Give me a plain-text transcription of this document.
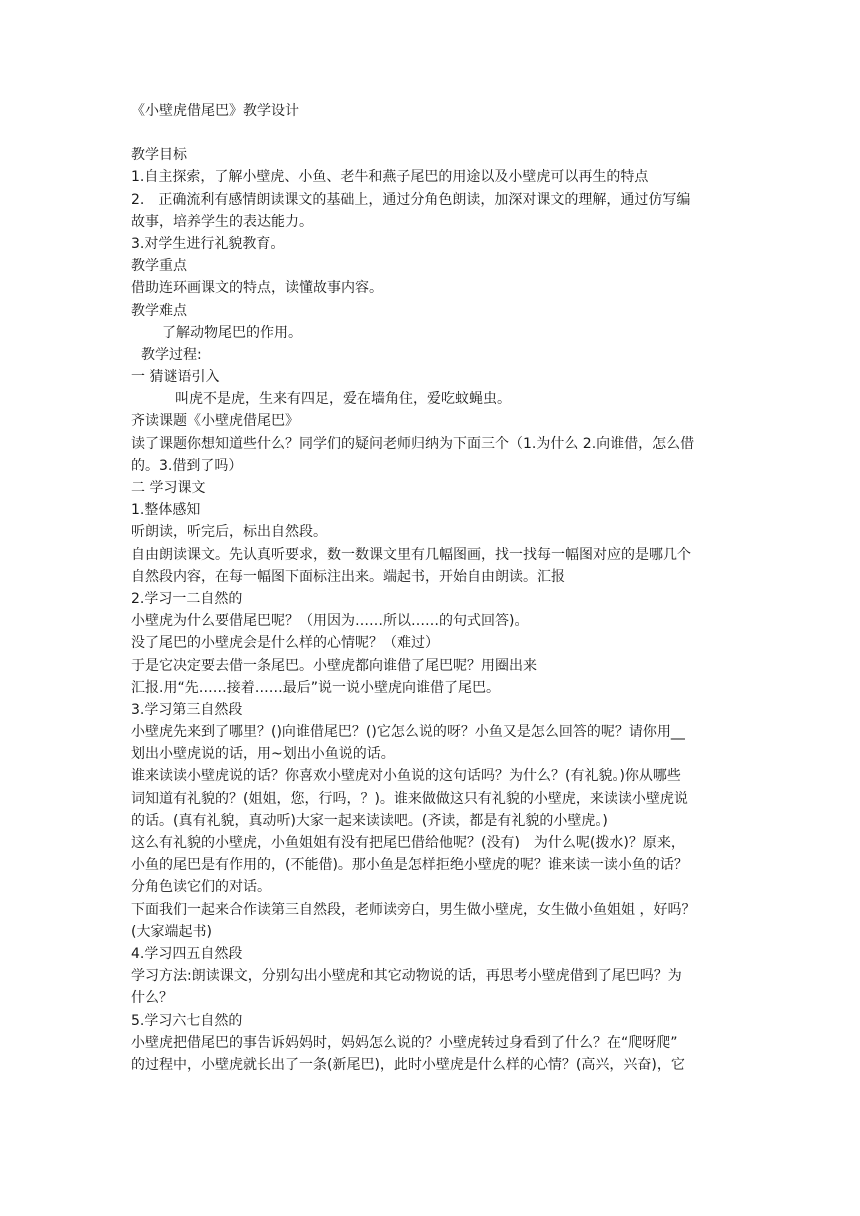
《小壁虎借尾巴》教学设计
教学目标
1.自主探索，了解小壁虎、小鱼、老牛和燕子尾巴的用途以及小壁虎可以再生的特点
2.　正确流利有感情朗读课文的基础上，通过分角色朗读，加深对课文的理解，通过仿写编
故事，培养学生的表达能力。
3.对学生进行礼貌教育。
教学重点
借助连环画课文的特点，读懂故事内容。
教学难点
了解动物尾巴的作用。
教学过程:
一 猜谜语引入
叫虎不是虎，生来有四足，爱在墙角住，爱吃蚊蝇虫。
齐读课题《小壁虎借尾巴》
读了课题你想知道些什么？同学们的疑问老师归纳为下面三个（1.为什么 2.向谁借，怎么借
的。3.借到了吗）
二 学习课文
1.整体感知
听朗读，听完后，标出自然段。
自由朗读课文。先认真听要求，数一数课文里有几幅图画，找一找每一幅图对应的是哪几个
自然段内容，在每一幅图下面标注出来。端起书，开始自由朗读。汇报
2.学习一二自然的
小壁虎为什么要借尾巴呢？（用因为……所以……的句式回答)。
没了尾巴的小壁虎会是什么样的心情呢？（难过）
于是它决定要去借一条尾巴。小壁虎都向谁借了尾巴呢？用圈出来
汇报.用“先……接着……最后”说一说小壁虎向谁借了尾巴。
3.学习第三自然段
小壁虎先来到了哪里？()向谁借尾巴？()它怎么说的呀？小鱼又是怎么回答的呢？请你用__
划出小壁虎说的话，用~划出小鱼说的话。
谁来读读小壁虎说的话？你喜欢小壁虎对小鱼说的这句话吗？为什么？(有礼貌。)你从哪些
词知道有礼貌的？(姐姐，您，行吗，？)。谁来做做这只有礼貌的小壁虎，来读读小壁虎说
的话。(真有礼貌，真动听)大家一起来读读吧。(齐读，都是有礼貌的小壁虎。)
这么有礼貌的小壁虎，小鱼姐姐有没有把尾巴借给他呢？(没有)　为什么呢(拨水)？原来，
小鱼的尾巴是有作用的，(不能借)。那小鱼是怎样拒绝小壁虎的呢？谁来读一读小鱼的话？
分角色读它们的对话。
下面我们一起来合作读第三自然段，老师读旁白，男生做小壁虎，女生做小鱼姐姐 ，好吗？
(大家端起书)
4.学习四五自然段
学习方法:朗读课文，分别勾出小壁虎和其它动物说的话，再思考小壁虎借到了尾巴吗？为
什么？
5.学习六七自然的
小壁虎把借尾巴的事告诉妈妈时，妈妈怎么说的？小壁虎转过身看到了什么？在“爬呀爬”
的过程中，小壁虎就长出了一条(新尾巴)，此时小壁虎是什么样的心情？(高兴，兴奋)，它
